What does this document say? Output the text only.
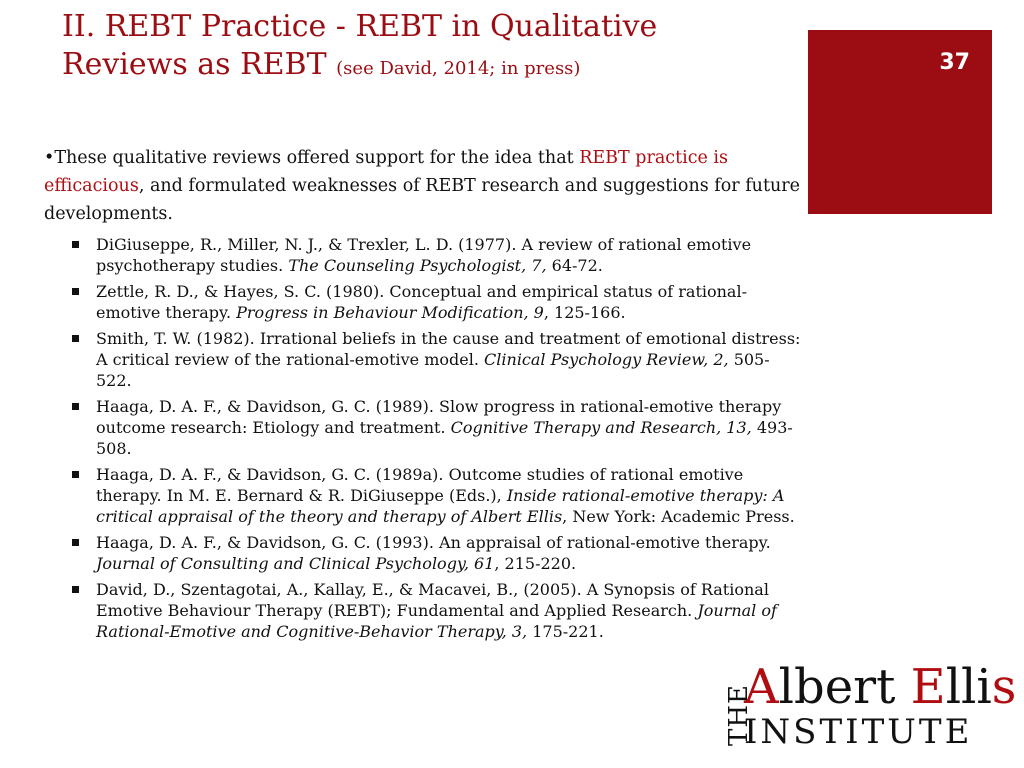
II. REBT Practice - REBT in Qualitative Reviews as REBT (see David, 2014; in press)	37
•These qualitative reviews offered support for the idea that REBT practice is efficacious, and formulated weaknesses of REBT research and suggestions for future developments.
DiGiuseppe, R., Miller, N. J., & Trexler, L. D. (1977). A review of rational emotive psychotherapy studies. The Counseling Psychologist, 7, 64-72.
Zettle, R. D., & Hayes, S. C. (1980). Conceptual and empirical status of rational-emotive therapy. Progress in Behaviour Modification, 9, 125-166.
Smith, T. W. (1982). Irrational beliefs in the cause and treatment of emotional distress: A critical review of the rational-emotive model. Clinical Psychology Review, 2, 505-522.
Haaga, D. A. F., & Davidson, G. C. (1989). Slow progress in rational-emotive therapy outcome research: Etiology and treatment. Cognitive Therapy and Research, 13, 493-508.
Haaga, D. A. F., & Davidson, G. C. (1989a). Outcome studies of rational emotive therapy. In M. E. Bernard & R. DiGiuseppe (Eds.), Inside rational-emotive therapy: A critical appraisal of the theory and therapy of Albert Ellis, New York: Academic Press.
Haaga, D. A. F., & Davidson, G. C. (1993). An appraisal of rational-emotive therapy. Journal of Consulting and Clinical Psychology, 61, 215-220.
David, D., Szentagotai, A., Kallay, E., & Macavei, B., (2005). A Synopsis of Rational Emotive Behaviour Therapy (REBT); Fundamental and Applied Research. Journal of Rational-Emotive and Cognitive-Behavior Therapy, 3, 175-221.
THE
Albert Ellis
INSTITUTE
